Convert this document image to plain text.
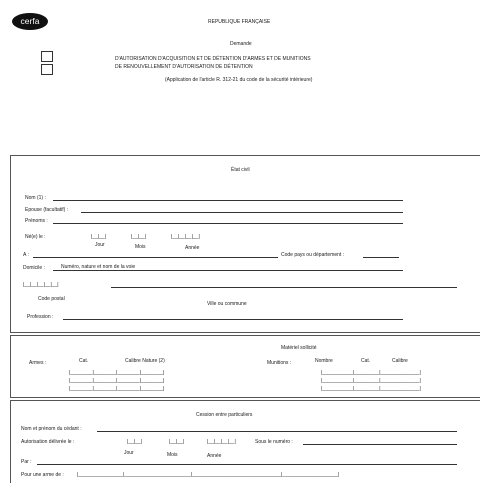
cerfa	REPUBLIQUE FRANÇAISE
Demande
D'AUTORISATION D'ACQUISITION ET DE DÉTENTION D'ARMES ET DE MUNITIONS
DE RENOUVELLEMENT D'AUTORISATION DE DÉTENTION
(Application de l'article R. 312-21 du code de la sécurité intérieure)
État civil
Nom (1) :
Epouse (facultatif) :
Prénoms :
Né(e) le :	|__|__|	|__|__|	|__|__|__|__|
Jour	Mois	Année
A :	Code pays ou département :
Domicile :	Numéro, nature et nom de la voie
|__|__|__|__|__|
Code postal
Ville ou commune
Profession :
Matériel sollicité
Armes :	Cat.	Calibre Nature (2)
|________|________|________|________|
|________|________|________|________|
|________|________|________|________|
Munitions :	Nombre	Cat.	Calibre
|___________|_________|______________|
|___________|_________|______________|
|___________|_________|______________|
Cession entre particuliers
Nom et prénom du cédant :
Autorisation délivrée le :	|__|__|	|__|__|	|__|__|__|__|	Sous le numéro :
Jour	Mois	Année
Par :
Pour une arme de :	|________________|________________________|________________________________|____________________|
